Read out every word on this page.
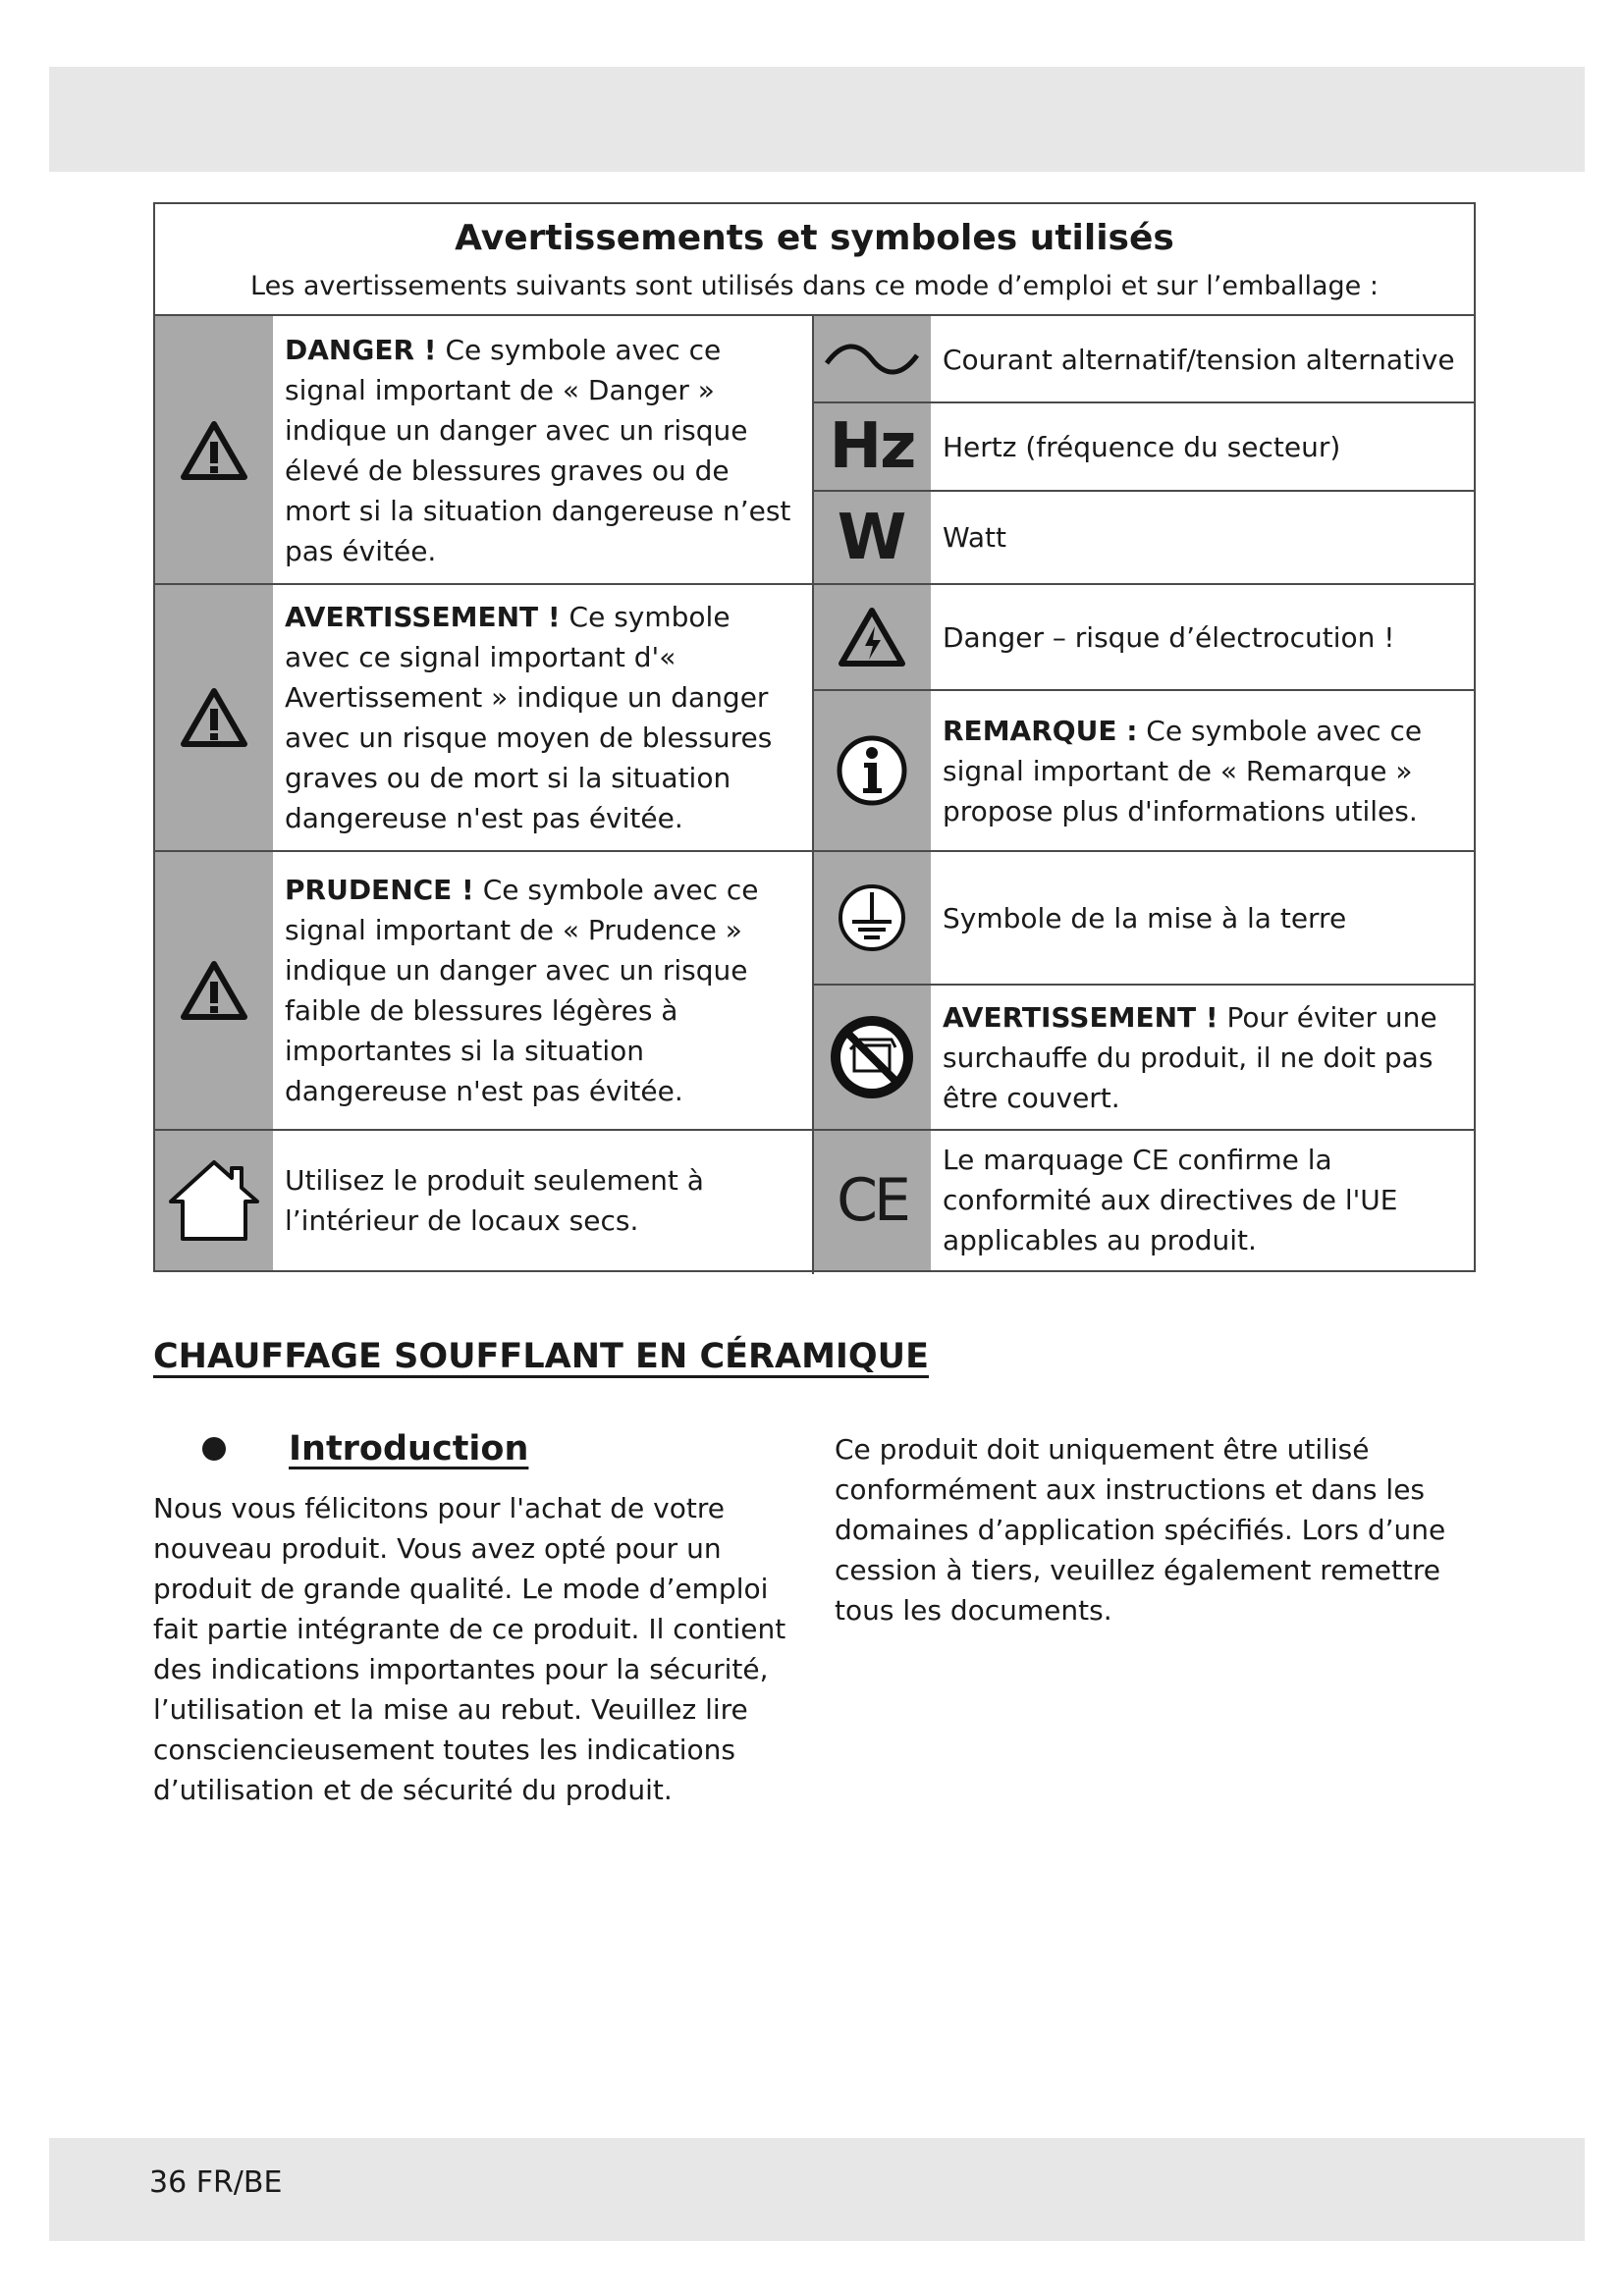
Avertissements et symboles utilisés
Les avertissements suivants sont utilisés dans ce mode d’emploi et sur l’emballage :
DANGER ! Ce symbole avec ce signal important de « Danger » indique un danger avec un risque élevé de blessures graves ou de mort si la situation dangereuse n’est pas évitée.
AVERTISSEMENT ! Ce symbole avec ce signal important d'« Avertissement » indique un danger avec un risque moyen de blessures graves ou de mort si la situation dangereuse n'est pas évitée.
PRUDENCE ! Ce symbole avec ce signal important de « Prudence » indique un danger avec un risque faible de blessures légères à importantes si la situation dangereuse n'est pas évitée.
Utilisez le produit seulement à l’intérieur de locaux secs.
Courant alternatif/tension alternative
Hz Hertz (fréquence du secteur)
W Watt
Danger – risque d’électrocution !
REMARQUE : Ce symbole avec ce signal important de « Remarque » propose plus d'informations utiles.
Symbole de la mise à la terre
AVERTISSEMENT ! Pour éviter une surchauffe du produit, il ne doit pas être couvert.
CE
Le marquage CE confirme la conformité aux directives de l'UE applicables au produit.
CHAUFFAGE SOUFFLANT EN CÉRAMIQUE
Introduction
Nous vous félicitons pour l'achat de votre nouveau produit. Vous avez opté pour un produit de grande qualité. Le mode d’emploi fait partie intégrante de ce produit. Il contient des indications importantes pour la sécurité, l’utilisation et la mise au rebut. Veuillez lire consciencieusement toutes les indications d’utilisation et de sécurité du produit.
Ce produit doit uniquement être utilisé conformément aux instructions et dans les domaines d’application spécifiés. Lors d’une cession à tiers, veuillez également remettre tous les documents.
36 FR/BE
